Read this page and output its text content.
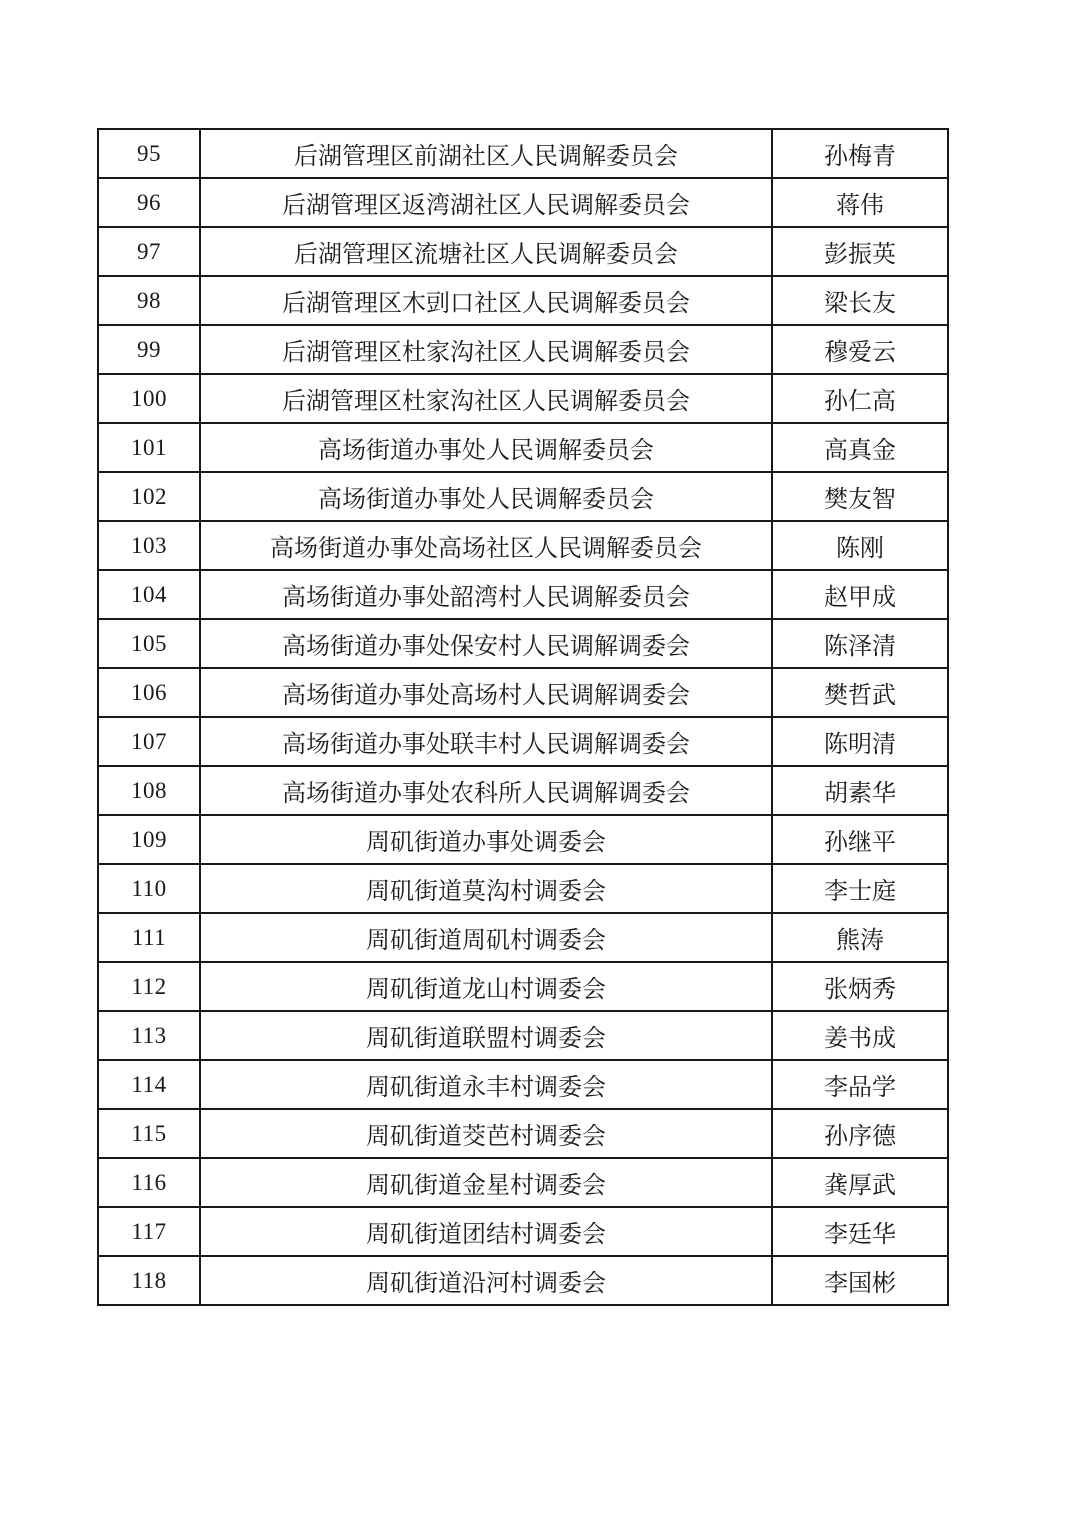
95	后湖管理区前湖社区人民调解委员会	孙梅青
96	后湖管理区返湾湖社区人民调解委员会	蒋伟
97	后湖管理区流塘社区人民调解委员会	彭振英
98	后湖管理区木剅口社区人民调解委员会	梁长友
99	后湖管理区杜家沟社区人民调解委员会	穆爱云
100	后湖管理区杜家沟社区人民调解委员会	孙仁高
101	高场街道办事处人民调解委员会	高真金
102	高场街道办事处人民调解委员会	樊友智
103	高场街道办事处高场社区人民调解委员会	陈刚
104	高场街道办事处韶湾村人民调解委员会	赵甲成
105	高场街道办事处保安村人民调解调委会	陈泽清
106	高场街道办事处高场村人民调解调委会	樊哲武
107	高场街道办事处联丰村人民调解调委会	陈明清
108	高场街道办事处农科所人民调解调委会	胡素华
109	周矶街道办事处调委会	孙继平
110	周矶街道莫沟村调委会	李士庭
111	周矶街道周矶村调委会	熊涛
112	周矶街道龙山村调委会	张炳秀
113	周矶街道联盟村调委会	姜书成
114	周矶街道永丰村调委会	李品学
115	周矶街道茭芭村调委会	孙序德
116	周矶街道金星村调委会	龚厚武
117	周矶街道团结村调委会	李廷华
118	周矶街道沿河村调委会	李国彬
